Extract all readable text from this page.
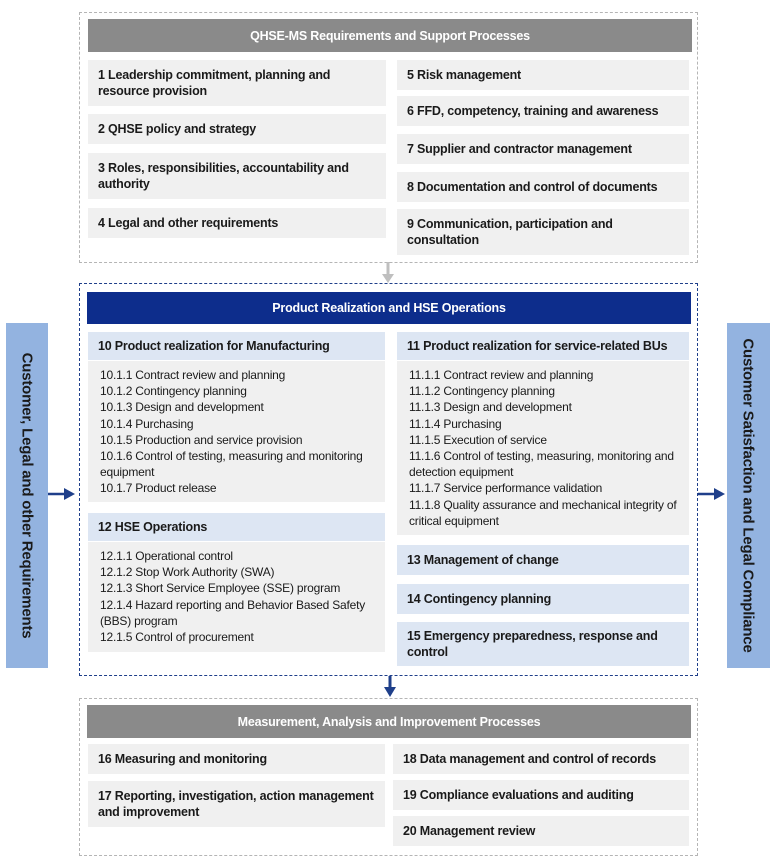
QHSE-MS Requirements and Support Processes
1 Leadership commitment, planning and resource provision
2 QHSE policy and strategy
3 Roles, responsibilities, accountability and authority
4 Legal and other requirements
5 Risk management
6 FFD, competency, training and awareness
7 Supplier and contractor management
8 Documentation and control of documents
9 Communication, participation and consultation
Product Realization and HSE Operations
10 Product realization for Manufacturing
10.1.1 Contract review and planning
10.1.2 Contingency planning
10.1.3 Design and development
10.1.4 Purchasing
10.1.5 Production and service provision
10.1.6 Control of testing, measuring and monitoring equipment
10.1.7 Product release
12 HSE Operations
12.1.1 Operational control
12.1.2 Stop Work Authority (SWA)
12.1.3 Short Service Employee (SSE) program
12.1.4 Hazard reporting and Behavior Based Safety (BBS) program
12.1.5 Control of procurement
11 Product realization for service-related BUs
11.1.1 Contract review and planning
11.1.2 Contingency planning
11.1.3 Design and development
11.1.4 Purchasing
11.1.5 Execution of service
11.1.6 Control of testing, measuring, monitoring and detection equipment
11.1.7 Service performance validation
11.1.8 Quality assurance and mechanical integrity of critical equipment
13 Management of change
14 Contingency planning
15 Emergency preparedness, response and control
Measurement, Analysis and Improvement Processes
16 Measuring and monitoring
17 Reporting, investigation, action management and improvement
18 Data management and control of records
19 Compliance evaluations and auditing
20 Management review
Customer, Legal and other Requirements	Customer Satisfaction and Legal Compliance
